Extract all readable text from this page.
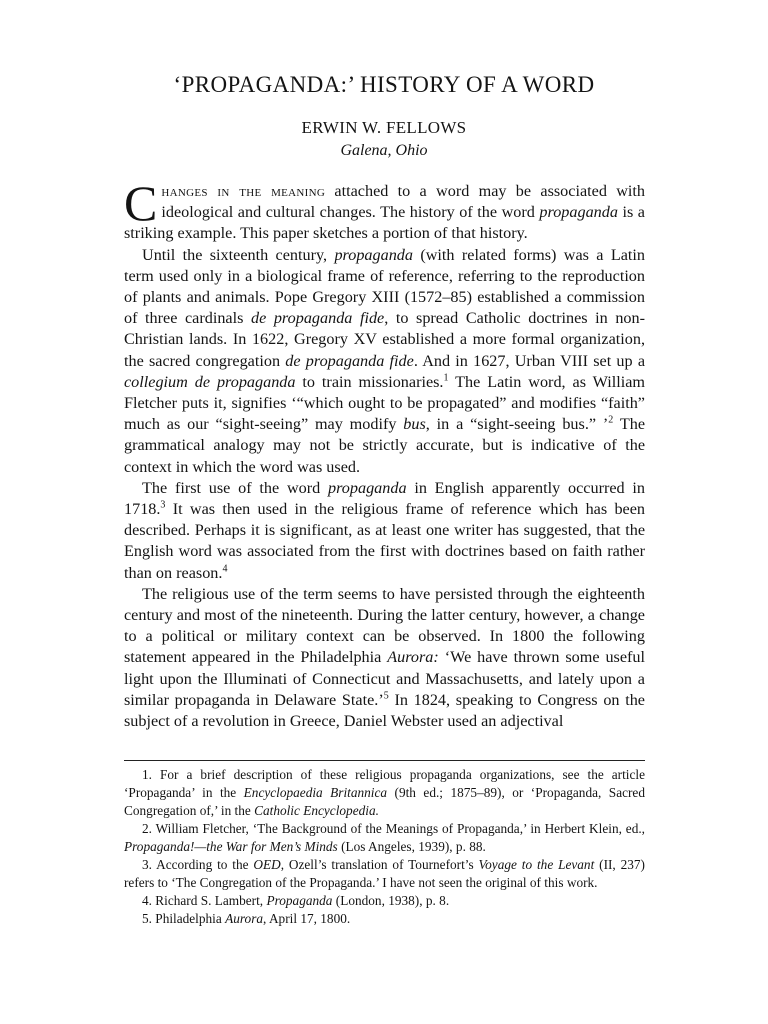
‘PROPAGANDA:’ HISTORY OF A WORD
ERWIN W. FELLOWS
Galena, Ohio

Changes in the meaning attached to a word may be associated with ideological and cultural changes. The history of the word propaganda is a striking example. This paper sketches a portion of that history.

Until the sixteenth century, propaganda (with related forms) was a Latin term used only in a biological frame of reference, referring to the reproduction of plants and animals. Pope Gregory XIII (1572–85) established a commission of three cardinals de propaganda fide, to spread Catholic doctrines in non-Christian lands. In 1622, Gregory XV established a more formal organization, the sacred congregation de propaganda fide. And in 1627, Urban VIII set up a collegium de propaganda to train missionaries.$^1$ The Latin word, as William Fletcher puts it, signifies ‘“which ought to be propagated” and modifies “faith” much as our “sight-seeing” may modify bus, in a “sight-seeing bus.” ’$^2$ The grammatical analogy may not be strictly accurate, but is indicative of the context in which the word was used.

The first use of the word propaganda in English apparently occurred in 1718.$^3$ It was then used in the religious frame of reference which has been described. Perhaps it is significant, as at least one writer has suggested, that the English word was associated from the first with doctrines based on faith rather than on reason.$^4$

The religious use of the term seems to have persisted through the eighteenth century and most of the nineteenth. During the latter century, however, a change to a political or military context can be observed. In 1800 the following statement appeared in the Philadelphia Aurora: ‘We have thrown some useful light upon the Illuminati of Connecticut and Massachusetts, and lately upon a similar propaganda in Delaware State.’$^5$ In 1824, speaking to Congress on the subject of a revolution in Greece, Daniel Webster used an adjectival

1. For a brief description of these religious propaganda organizations, see the article ‘Propaganda’ in the Encyclopaedia Britannica (9th ed.; 1875–89), or ‘Propaganda, Sacred Congregation of,’ in the Catholic Encyclopedia.

2. William Fletcher, ‘The Background of the Meanings of Propaganda,’ in Herbert Klein, ed., Propaganda!—the War for Men’s Minds (Los Angeles, 1939), p. 88.

3. According to the OED, Ozell’s translation of Tournefort’s Voyage to the Levant (II, 237) refers to ‘The Congregation of the Propaganda.’ I have not seen the original of this work.

4. Richard S. Lambert, Propaganda (London, 1938), p. 8.

5. Philadelphia Aurora, April 17, 1800.
